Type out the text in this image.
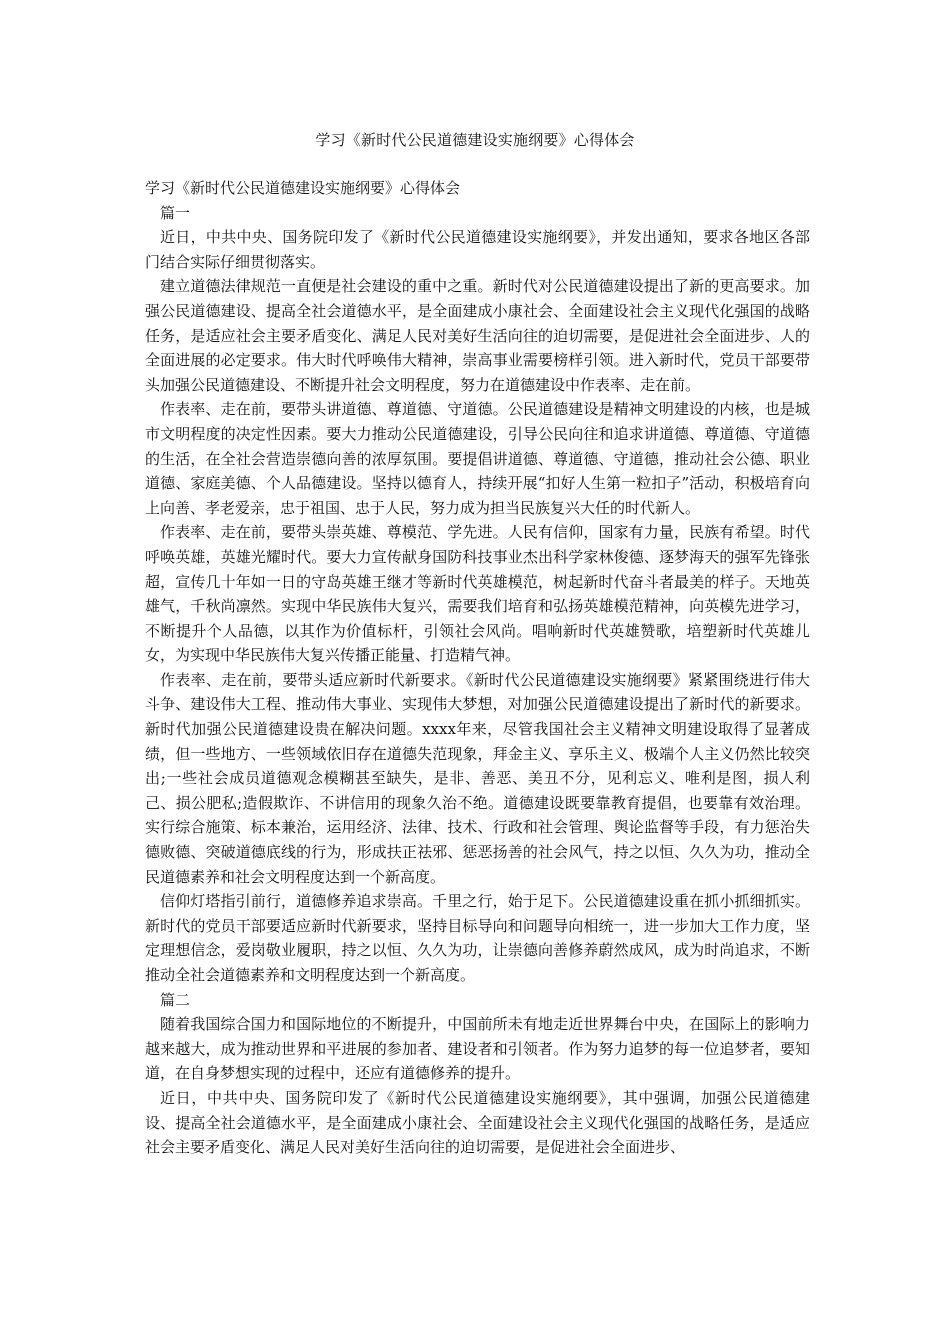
学习《新时代公民道德建设实施纲要》心得体会

学习《新时代公民道德建设实施纲要》心得体会

篇一

近日，中共中央、国务院印发了《新时代公民道德建设实施纲要》，并发出通知，要求各地区各部门结合实际仔细贯彻落实。

建立道德法律规范一直便是社会建设的重中之重。新时代对公民道德建设提出了新的更高要求。加强公民道德建设、提高全社会道德水平，是全面建成小康社会、全面建设社会主义现代化强国的战略任务，是适应社会主要矛盾变化、满足人民对美好生活向往的迫切需要，是促进社会全面进步、人的全面进展的必定要求。伟大时代呼唤伟大精神，崇高事业需要榜样引领。进入新时代，党员干部要带头加强公民道德建设、不断提升社会文明程度，努力在道德建设中作表率、走在前。

作表率、走在前，要带头讲道德、尊道德、守道德。公民道德建设是精神文明建设的内核，也是城市文明程度的决定性因素。要大力推动公民道德建设，引导公民向往和追求讲道德、尊道德、守道德的生活，在全社会营造崇德向善的浓厚氛围。要提倡讲道德、尊道德、守道德，推动社会公德、职业道德、家庭美德、个人品德建设。坚持以德育人，持续开展“扣好人生第一粒扣子”活动，积极培育向上向善、孝老爱亲，忠于祖国、忠于人民，努力成为担当民族复兴大任的时代新人。

作表率、走在前，要带头崇英雄、尊模范、学先进。人民有信仰，国家有力量，民族有希望。时代呼唤英雄，英雄光耀时代。要大力宣传献身国防科技事业杰出科学家林俊德、逐梦海天的强军先锋张超，宣传几十年如一日的守岛英雄王继才等新时代英雄模范，树起新时代奋斗者最美的样子。天地英雄气，千秋尚凛然。实现中华民族伟大复兴，需要我们培育和弘扬英雄模范精神，向英模先进学习，不断提升个人品德，以其作为价值标杆，引领社会风尚。唱响新时代英雄赞歌，培塑新时代英雄儿女，为实现中华民族伟大复兴传播正能量、打造精气神。

作表率、走在前，要带头适应新时代新要求。《新时代公民道德建设实施纲要》紧紧围绕进行伟大斗争、建设伟大工程、推动伟大事业、实现伟大梦想，对加强公民道德建设提出了新时代的新要求。新时代加强公民道德建设贵在解决问题。xxxx年来，尽管我国社会主义精神文明建设取得了显著成绩，但一些地方、一些领域依旧存在道德失范现象，拜金主义、享乐主义、极端个人主义仍然比较突出;一些社会成员道德观念模糊甚至缺失，是非、善恶、美丑不分，见利忘义、唯利是图，损人利己、损公肥私;造假欺诈、不讲信用的现象久治不绝。道德建设既要靠教育提倡，也要靠有效治理。实行综合施策、标本兼治，运用经济、法律、技术、行政和社会管理、舆论监督等手段，有力惩治失德败德、突破道德底线的行为，形成扶正祛邪、惩恶扬善的社会风气，持之以恒、久久为功，推动全民道德素养和社会文明程度达到一个新高度。

信仰灯塔指引前行，道德修养追求崇高。千里之行，始于足下。公民道德建设重在抓小抓细抓实。新时代的党员干部要适应新时代新要求，坚持目标导向和问题导向相统一，进一步加大工作力度，坚定理想信念，爱岗敬业履职，持之以恒、久久为功，让崇德向善修养蔚然成风，成为时尚追求，不断推动全社会道德素养和文明程度达到一个新高度。

篇二

随着我国综合国力和国际地位的不断提升，中国前所未有地走近世界舞台中央，在国际上的影响力越来越大，成为推动世界和平进展的参加者、建设者和引领者。作为努力追梦的每一位追梦者，要知道，在自身梦想实现的过程中，还应有道德修养的提升。

近日，中共中央、国务院印发了《新时代公民道德建设实施纲要》，其中强调，加强公民道德建设、提高全社会道德水平，是全面建成小康社会、全面建设社会主义现代化强国的战略任务，是适应社会主要矛盾变化、满足人民对美好生活向往的迫切需要，是促进社会全面进步、
